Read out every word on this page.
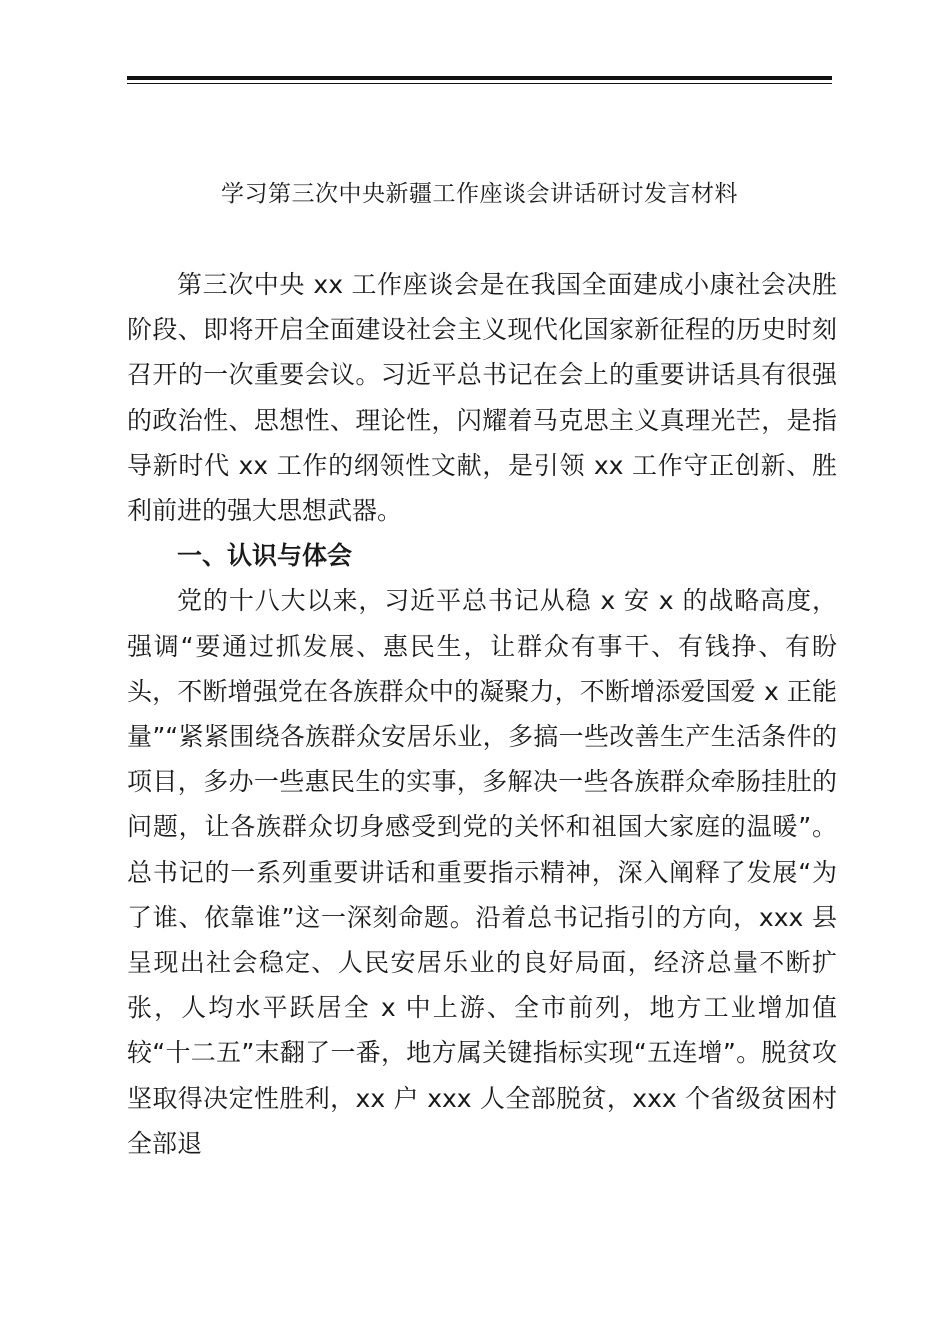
学习第三次中央新疆工作座谈会讲话研讨发言材料

第三次中央 xx 工作座谈会是在我国全面建成小康社会决胜阶段、即将开启全面建设社会主义现代化国家新征程的历史时刻召开的一次重要会议。习近平总书记在会上的重要讲话具有很强的政治性、思想性、理论性，闪耀着马克思主义真理光芒，是指导新时代 xx 工作的纲领性文献，是引领 xx 工作守正创新、胜利前进的强大思想武器。

一、认识与体会

党的十八大以来，习近平总书记从稳 x 安 x 的战略高度，强调“要通过抓发展、惠民生，让群众有事干、有钱挣、有盼头，不断增强党在各族群众中的凝聚力，不断增添爱国爱 x 正能量”“紧紧围绕各族群众安居乐业，多搞一些改善生产生活条件的项目，多办一些惠民生的实事，多解决一些各族群众牵肠挂肚的问题，让各族群众切身感受到党的关怀和祖国大家庭的温暖”。总书记的一系列重要讲话和重要指示精神，深入阐释了发展“为了谁、依靠谁”这一深刻命题。沿着总书记指引的方向，xxx 县呈现出社会稳定、人民安居乐业的良好局面，经济总量不断扩张，人均水平跃居全 x 中上游、全市前列，地方工业增加值较“十二五”末翻了一番，地方属关键指标实现“五连增”。脱贫攻坚取得决定性胜利，xx 户 xxx 人全部脱贫，xxx 个省级贫困村全部退
